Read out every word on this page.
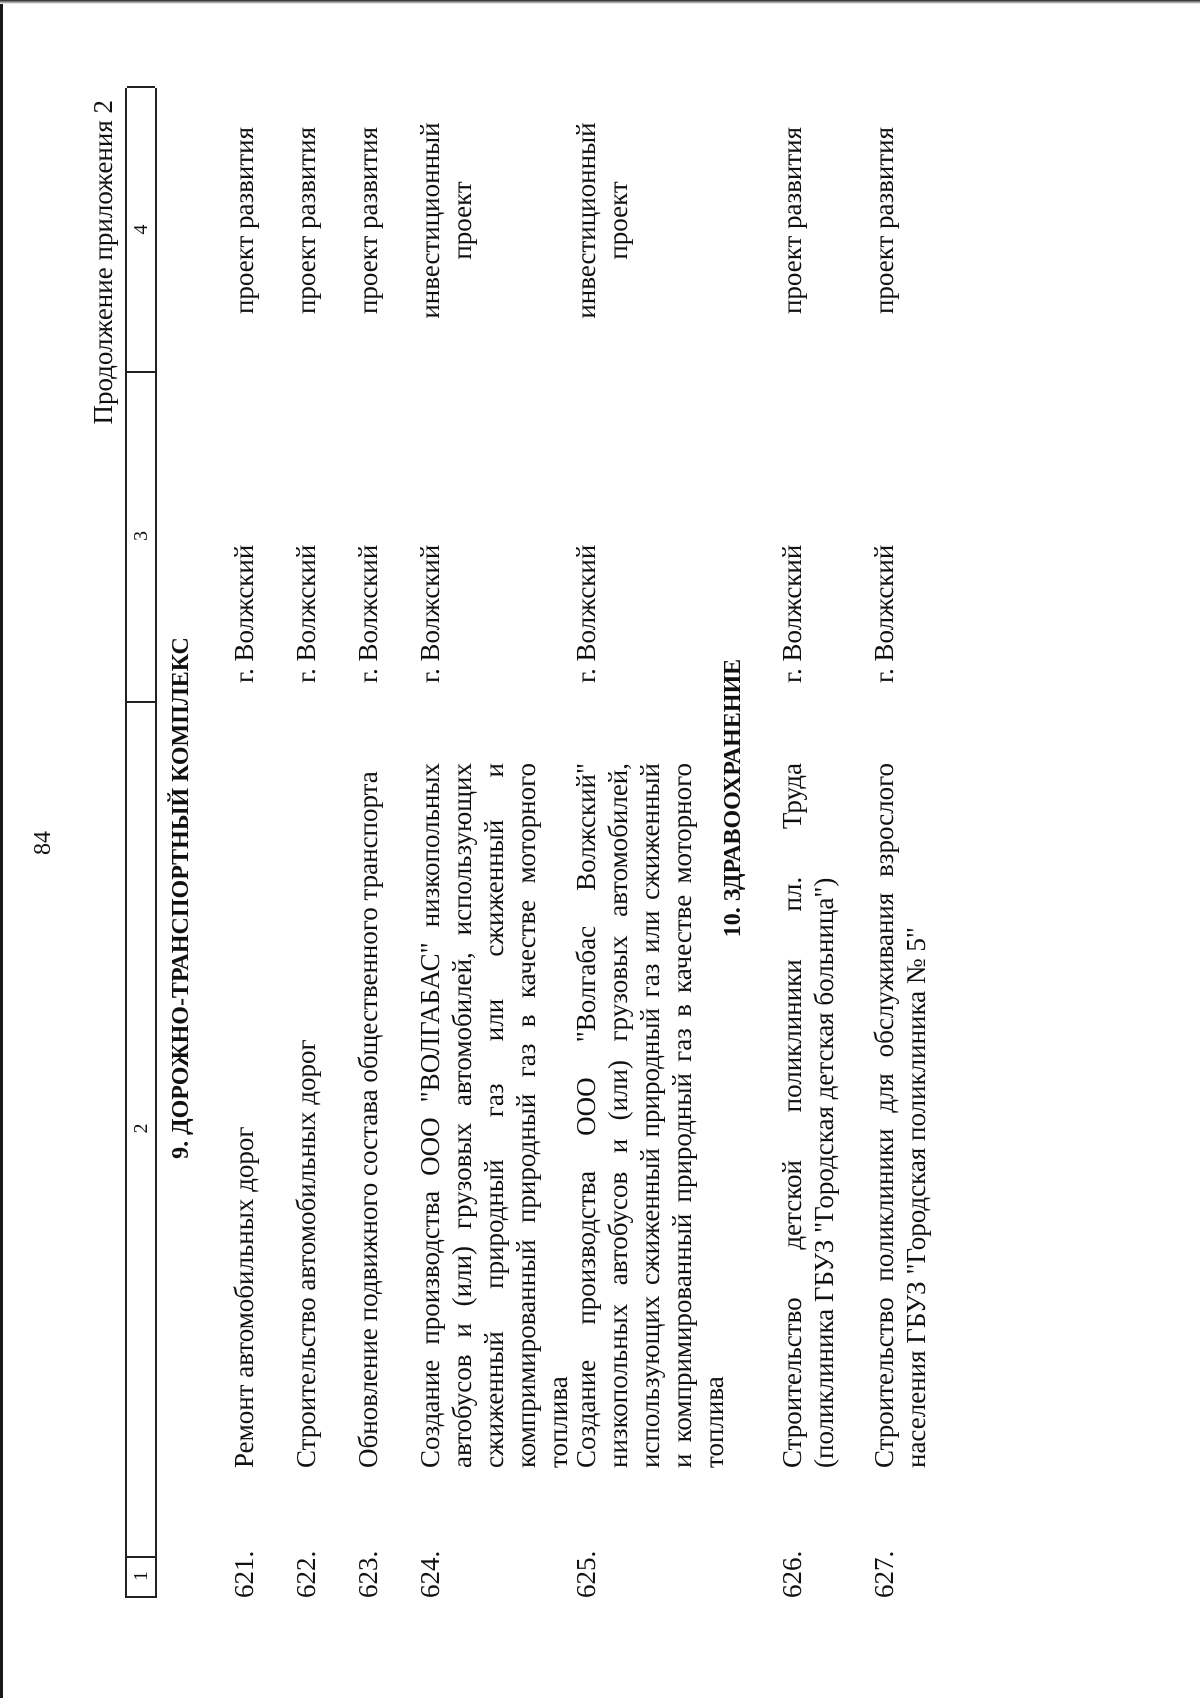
84
Продолжение приложения 2
1
2
3
4
9. ДОРОЖНО-ТРАНСПОРТНЫЙ КОМПЛЕКС
621.
Ремонт автомобильных дорог
г. Волжский
проект развития
622.
Строительство автомобильных дорог
г. Волжский
проект развития
623.
Обновление подвижного состава общественного транспорта
г. Волжский
проект развития
624.
Создание производства ООО "ВОЛГАБАС" низкопольных автобусов и (или) грузовых автомобилей, использующих сжиженный природный газ или сжиженный и компримированный природный газ в качестве моторного топлива
г. Волжский
инвестиционный проект
625.
Создание производства ООО "Волгабас Волжский" низкопольных автобусов и (или) грузовых автомобилей, использующих сжиженный природный газ или сжиженный и компримированный природный газ в качестве моторного топлива
г. Волжский
инвестиционный проект
10. ЗДРАВООХРАНЕНИЕ
626.
Строительство детской поликлиники пл. Труда (поликлиника ГБУЗ "Городская детская больница")
г. Волжский
проект развития
627.
Строительство поликлиники для обслуживания взрослого населения ГБУЗ "Городская поликлиника № 5"
г. Волжский
проект развития
